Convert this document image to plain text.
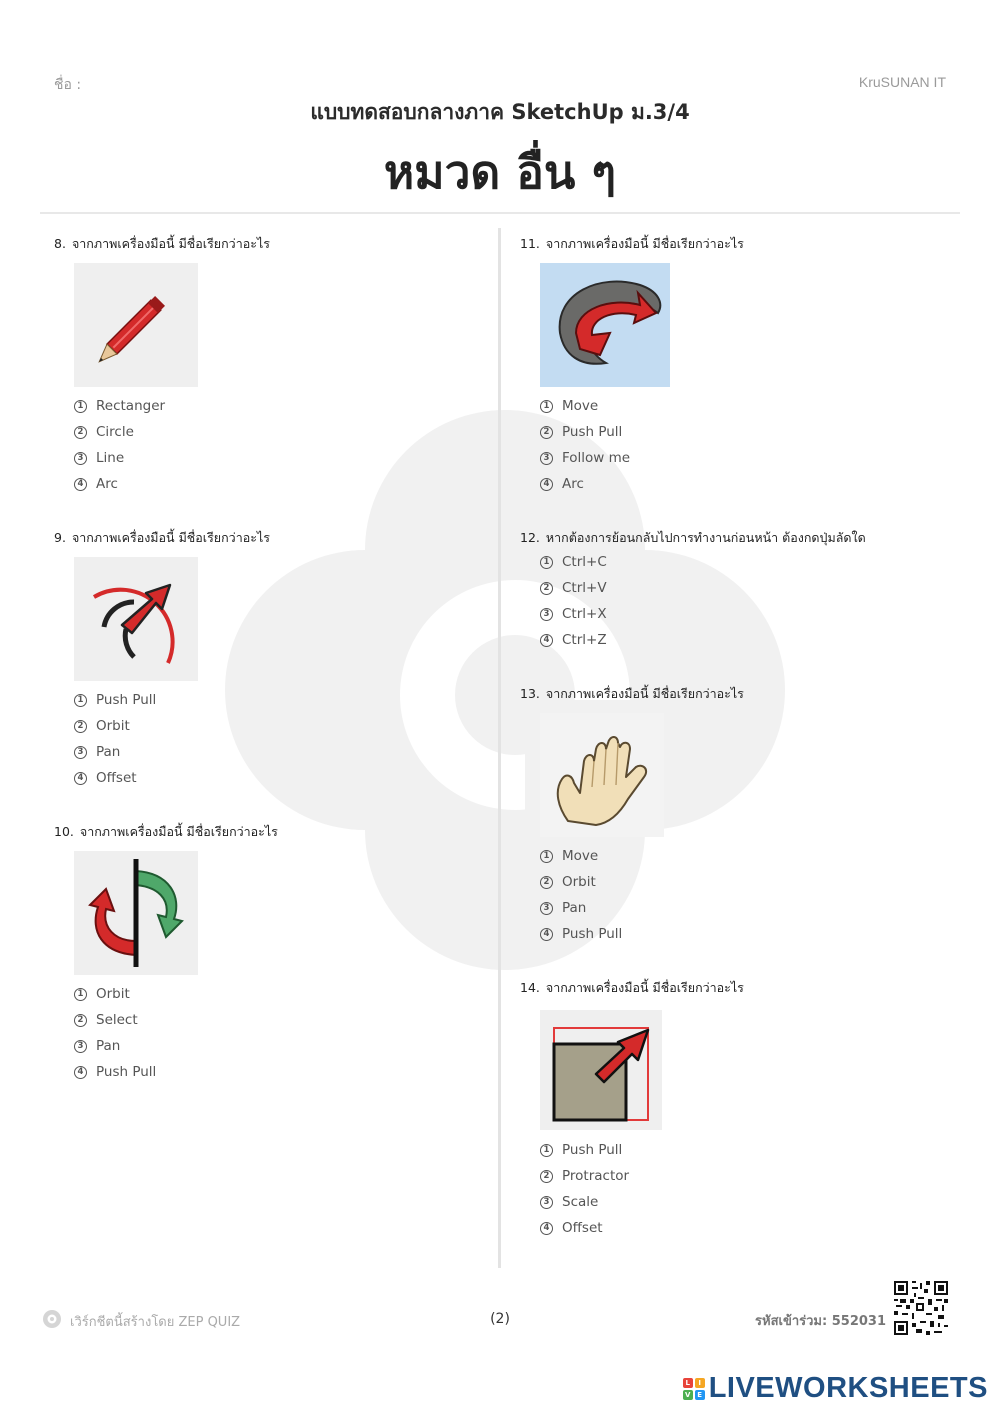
ชื่อ :	KruSUNAN IT
แบบทดสอบกลางภาค SketchUp ม.3/4
หมวด อื่น ๆ
8. จากภาพเครื่องมือนี้ มีชื่อเรียกว่าอะไร
1 Rectanger
2 Circle
3 Line
4 Arc
9. จากภาพเครื่องมือนี้ มีชื่อเรียกว่าอะไร
1 Push Pull
2 Orbit
3 Pan
4 Offset
10. จากภาพเครื่องมือนี้ มีชื่อเรียกว่าอะไร
1 Orbit
2 Select
3 Pan
4 Push Pull
11. จากภาพเครื่องมือนี้ มีชื่อเรียกว่าอะไร
1 Move
2 Push Pull
3 Follow me
4 Arc
12. หากต้องการย้อนกลับไปการทำงานก่อนหน้า ต้องกดปุ่มลัดใด
1 Ctrl+C
2 Ctrl+V
3 Ctrl+X
4 Ctrl+Z
13. จากภาพเครื่องมือนี้ มีชื่อเรียกว่าอะไร
1 Move
2 Orbit
3 Pan
4 Push Pull
14. จากภาพเครื่องมือนี้ มีชื่อเรียกว่าอะไร
1 Push Pull
2 Protractor
3 Scale
4 Offset
เวิร์กชีตนี้สร้างโดย ZEP QUIZ	(2)	รหัสเข้าร่วม: 552031
L	I
V E LIVEWORKSHEETS
